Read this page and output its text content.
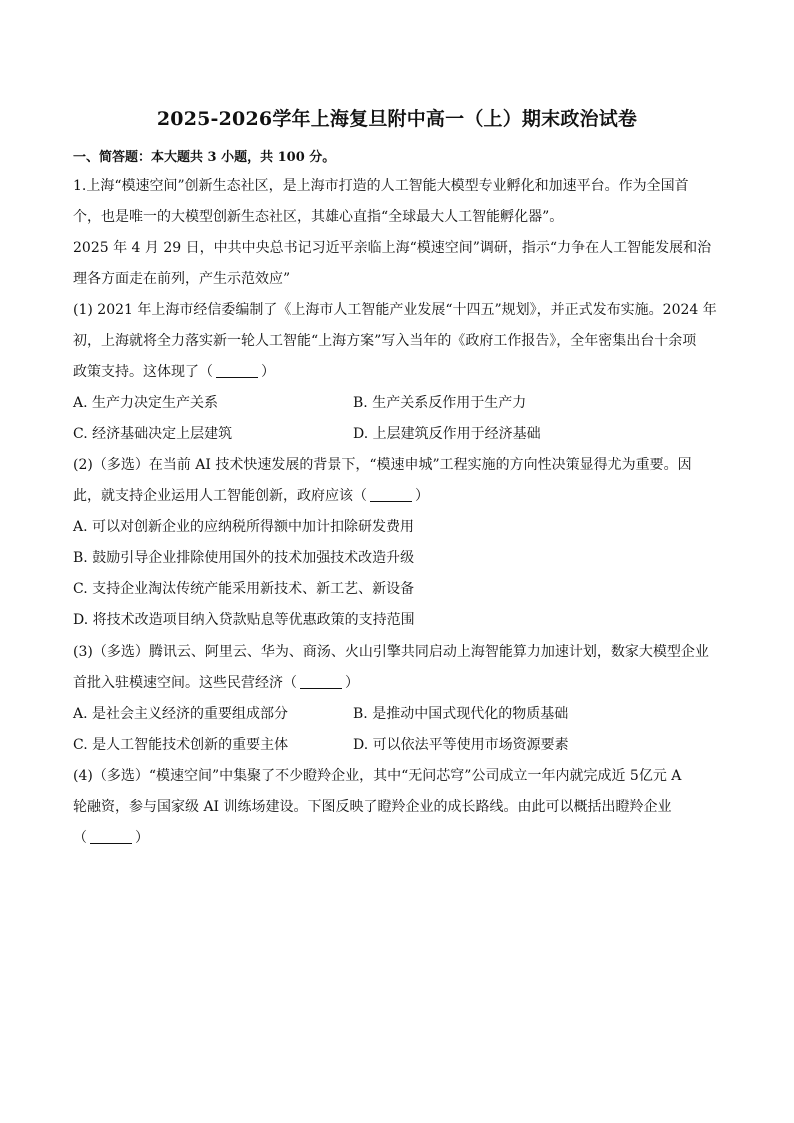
2025-2026学年上海复旦附中高一（上）期末政治试卷
一、简答题：本大题共 3 小题，共 100 分。
1.上海“模速空间”创新生态社区，是上海市打造的人工智能大模型专业孵化和加速平台。作为全国首
个，也是唯一的大模型创新生态社区，其雄心直指“全球最大人工智能孵化器”。
2025 年 4 月 29 日，中共中央总书记习近平亲临上海“模速空间”调研，指示“力争在人工智能发展和治
理各方面走在前列，产生示范效应”
(1) 2021 年上海市经信委编制了《上海市人工智能产业发展“十四五”规划》，并正式发布实施。2024 年
初，上海就将全力落实新一轮人工智能“上海方案”写入当年的《政府工作报告》，全年密集出台十余项
政策支持。这体现了（	）
A. 生产力决定生产关系	B. 生产关系反作用于生产力
C. 经济基础决定上层建筑	D. 上层建筑反作用于经济基础
(2)（多选）在当前 AI 技术快速发展的背景下，“模速申城”工程实施的方向性决策显得尤为重要。因
此，就支持企业运用人工智能创新，政府应该（	）
A. 可以对创新企业的应纳税所得额中加计扣除研发费用
B. 鼓励引导企业排除使用国外的技术加强技术改造升级
C. 支持企业淘汰传统产能采用新技术、新工艺、新设备
D. 将技术改造项目纳入贷款贴息等优惠政策的支持范围
(3)（多选）腾讯云、阿里云、华为、商汤、火山引擎共同启动上海智能算力加速计划，数家大模型企业
首批入驻模速空间。这些民营经济（	）
A. 是社会主义经济的重要组成部分	B. 是推动中国式现代化的物质基础
C. 是人工智能技术创新的重要主体	D. 可以依法平等使用市场资源要素
(4)（多选）“模速空间”中集聚了不少瞪羚企业，其中“无问芯穹”公司成立一年内就完成近 5亿元 A
轮融资，参与国家级 AI 训练场建设。下图反映了瞪羚企业的成长路线。由此可以概括出瞪羚企业
（	）
